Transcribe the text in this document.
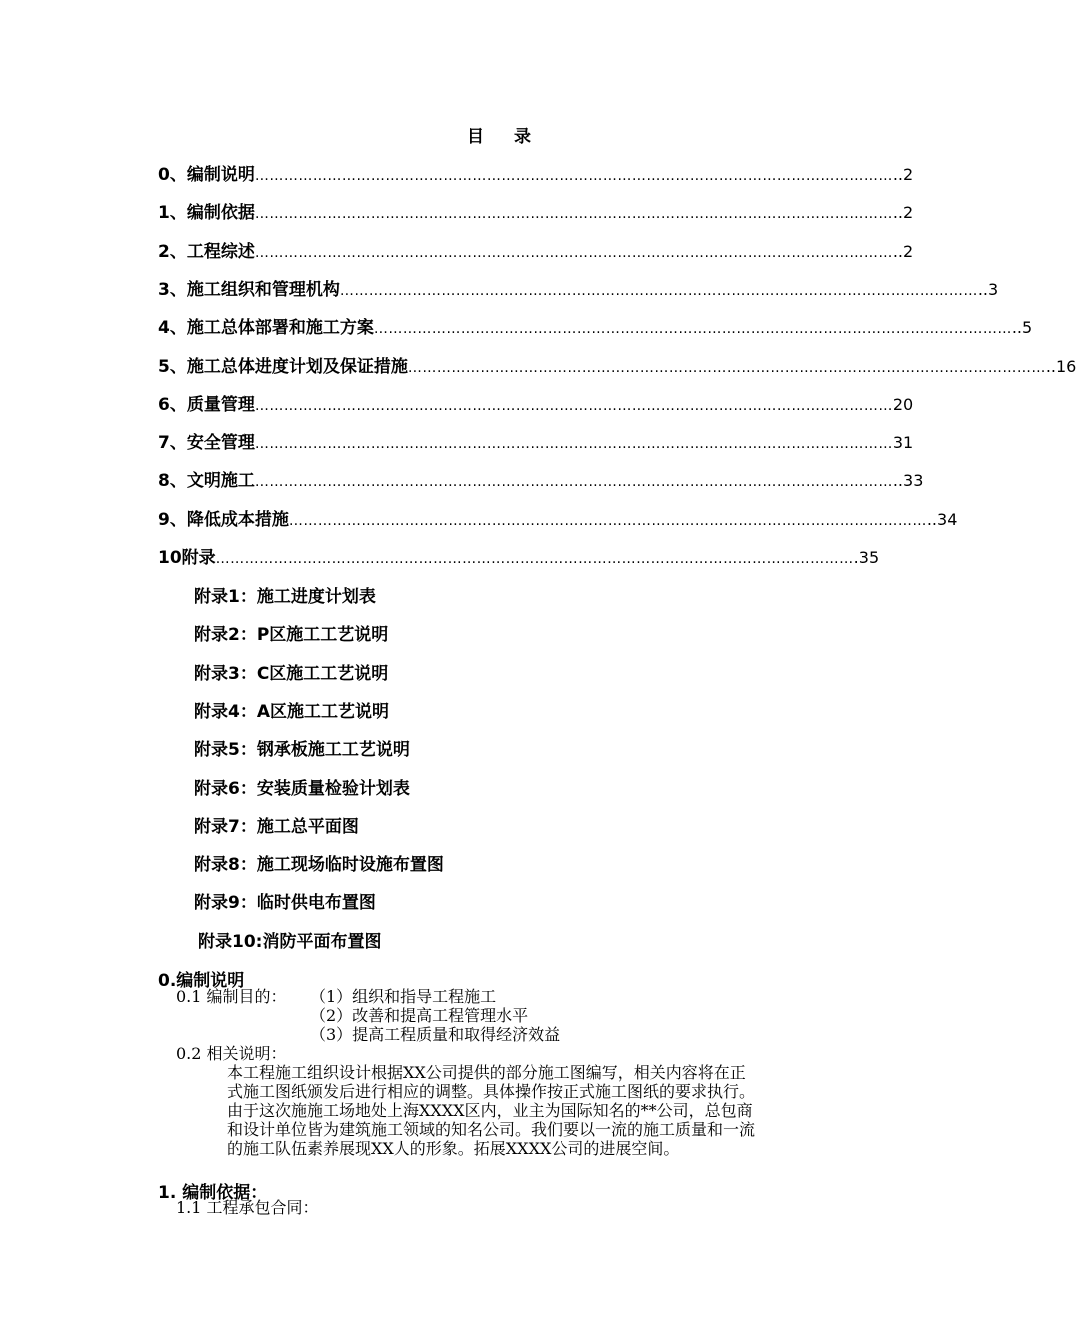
目 录
0、编制说明 …………………………………………………………………………………………………………………… ..2
1、编制依据 …………………………………………………………………………………………………………………… ..2
2、工程综述 …………………………………………………………………………………………………………………… ..2
3、施工组织和管理机构 …………………………………………………………………………………………………………………… ..3
4、施工总体部署和施工方案 …………………………………………………………………………………………………………………… ..5
5、施工总体进度计划及保证措施 …………………………………………………………………………………………………………………… ..16
6、质量管理 …………………………………………………………………………………………………………………… 20
7、安全管理 …………………………………………………………………………………………………………………… 31
8、文明施工 …………………………………………………………………………………………………………………… ..33
9、降低成本措施 …………………………………………………………………………………………………………………… ..34
10附录 …………………………………………………………………………………………………………………… .35
附录1：施工进度计划表
附录2：P区施工工艺说明
附录3：C区施工工艺说明
附录4：A区施工工艺说明
附录5：钢承板施工工艺说明
附录6：安装质量检验计划表
附录7：施工总平面图
附录8：施工现场临时设施布置图
附录9：临时供电布置图
附录10:消防平面布置图
0.编制说明
0.1 编制目的： （1）组织和指导工程施工
（2）改善和提高工程管理水平
（3）提高工程质量和取得经济效益
0.2 相关说明：
本工程施工组织设计根据XX公司提供的部分施工图编写，相关内容将在正
式施工图纸颁发后进行相应的调整。具体操作按正式施工图纸的要求执行。
由于这次施施工场地处上海XXXX区内，业主为国际知名的**公司，总包商
和设计单位皆为建筑施工领域的知名公司。我们要以一流的施工质量和一流
的施工队伍素养展现XX人的形象。拓展XXXX公司的进展空间。
1. 编制依据：
1.1 工程承包合同：
